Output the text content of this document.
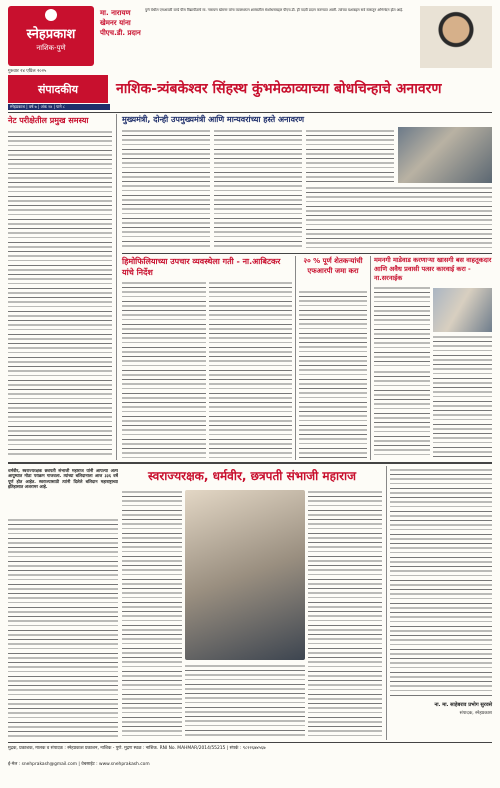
स्नेहप्रकाश
नाशिक-पुणे
मा. नारायण खेमनर यांना पीएच.डी. प्रदान
पुणे येथील एमआयटी वर्ल्ड पीस विद्यापीठाचे मा. नारायण खेमनर यांना व्यवस्थापन शास्त्रातील संशोधनाबद्दल पीएच.डी. ही पदवी प्रदान करण्यात आली. त्यांच्या यशाबद्दल सर्व स्तरातून अभिनंदन होत आहे.
गुरुवार २४ एप्रिल २०२५
संपादकीय	नाशिक-त्र्यंबकेश्वर सिंहस्थ कुंभमेळाव्याच्या बोधचिन्हाचे अनावरण
स्नेहप्रकाश | वर्ष ७ | अंक २४ | पाने ८
नेट परीक्षेतील प्रमुख समस्या	मुख्यमंत्री, दोन्ही उपमुख्यमंत्री आणि मान्यवरांच्या हस्ते अनावरण
हिमोफिलियाच्या उपचार व्यवस्थेला गती - ना.आबिटकर यांचे निर्देश
२० % पूर्ण शेतकऱ्यांची एफआरपी जमा करा
ममनगी माडेवाड करणाऱ्या खासगी बस वाहतूकदार आणि अवैध प्रवासी पत्सर कारवाई करा - ना.सरनाईक
धर्मवीर, स्वराज्यरक्षक छत्रपती संभाजी महाराज यांनी आपल्या अल्प आयुष्यात मोठा पराक्रम गाजवला. त्यांच्या बलिदानाला आज ३३६ वर्षे पूर्ण होत आहेत. स्वराज्यासाठी त्यांनी दिलेले बलिदान महाराष्ट्राच्या इतिहासात अजरामर आहे.
स्वराज्यरक्षक, धर्मवीर, छत्रपती संभाजी महाराज
ना. मा. साहेबराव प्रभोग सुरवसे
संपादक, स्नेहप्रकाश
मुद्रक, प्रकाशक, मालक व संपादक : स्नेहप्रकाश प्रकाशन, नाशिक - पुणे. मुद्रण स्थळ : नाशिक. RNI No. MAHMAR/2014/55215 | संपर्क : ९८२२६७४५६७
ई-मेल : snehprakash@gmail.com | वेबसाईट : www.snehprakash.com
